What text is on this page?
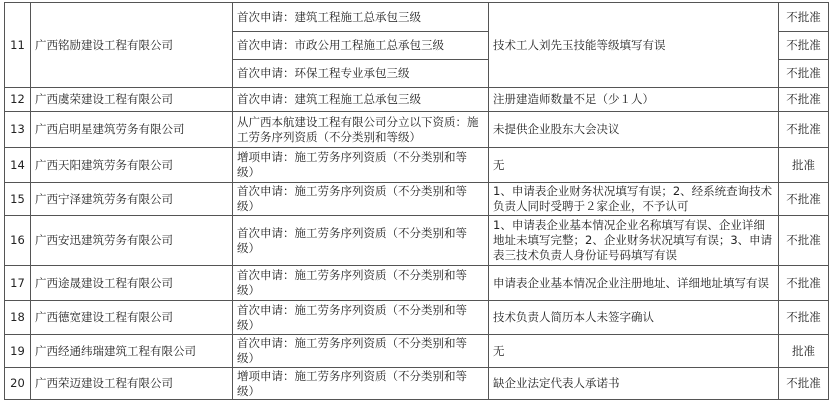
11	广西铭励建设工程有限公司	首次申请：建筑工程施工总承包三级	技术工人刘先玉技能等级填写有误	不批准
		首次申请：市政公用工程施工总承包三级		不批准
		首次申请：环保工程专业承包三级		不批准
12	广西虞荣建设工程有限公司	首次申请：建筑工程施工总承包三级	注册建造师数量不足（少１人）	不批准
13	广西启明星建筑劳务有限公司	从广西本航建设工程有限公司分立以下资质：施工劳务序列资质（不分类别和等级）	未提供企业股东大会决议	不批准
14	广西天阳建筑劳务有限公司	增项申请：施工劳务序列资质（不分类别和等级）	无	批准
15	广西宁泽建筑劳务有限公司	首次申请：施工劳务序列资质（不分类别和等级）	1、申请表企业财务状况填写有误；2、经系统查询技术负责人同时受聘于２家企业，不予认可	不批准
16	广西安迅建筑劳务有限公司	首次申请：施工劳务序列资质（不分类别和等级）	1、申请表企业基本情况企业名称填写有误、企业详细地址未填写完整；2、企业财务状况填写有误；3、申请表三技术负责人身份证号码填写有误	不批准
17	广西途晟建设工程有限公司	首次申请：施工劳务序列资质（不分类别和等级）	申请表企业基本情况企业注册地址、详细地址填写有误	不批准
18	广西德宽建设工程有限公司	首次申请：施工劳务序列资质（不分类别和等级）	技术负责人简历本人未签字确认	不批准
19	广西经通纬瑞建筑工程有限公司	首次申请：施工劳务序列资质（不分类别和等级）	无	批准
20	广西荣迈建设工程有限公司	增项申请：施工劳务序列资质（不分类别和等级）	缺企业法定代表人承诺书	不批准
